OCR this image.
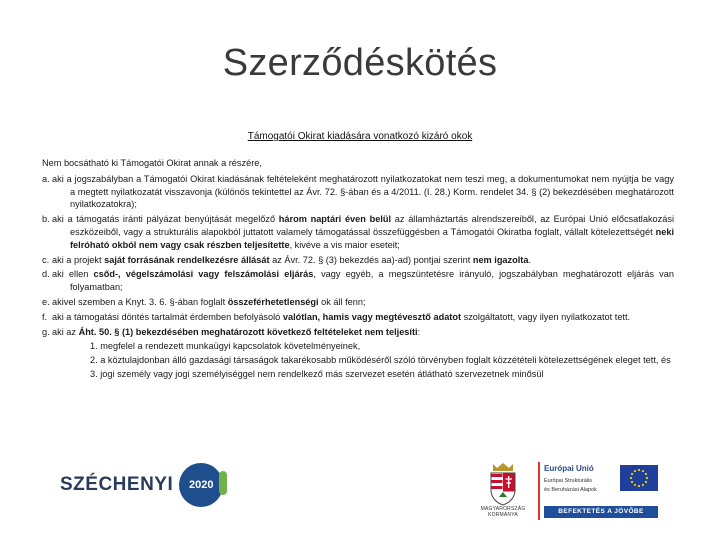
Szerződéskötés
Támogatói Okirat kiadására vonatkozó kizáró okok

Nem bocsátható ki Támogatói Okirat annak a részére,

a. aki a jogszabályban a Támogatói Okirat kiadásának feltételeként meghatározott nyilatkozatokat nem teszi meg, a dokumentumokat nem nyújtja be vagy a megtett nyilatkozatát visszavonja (különös tekintettel az Ávr. 72. §-ában és a 4/2011. (I. 28.) Korm. rendelet 34. § (2) bekezdésében meghatározott nyilatkozatokra);
b. aki a támogatás iránti pályázat benyújtását megelőző három naptári éven belül az államháztartás alrendszereiből, az Európai Unió előcsatlakozási eszközeiből, vagy a strukturális alapokból juttatott valamely támogatással összefüggésben a Támogatói Okiratba foglalt, vállalt kötelezettségét neki felróható okból nem vagy csak részben teljesítette, kivéve a vis maior eseteit;
c. aki a projekt saját forrásának rendelkezésre állását az Ávr. 72. § (3) bekezdés aa)-ad) pontjai szerint nem igazolta.
d. aki ellen csőd-, végelszámolási vagy felszámolási eljárás, vagy egyéb, a megszüntetésre irányuló, jogszabályban meghatározott eljárás van folyamatban;
e. akivel szemben a Knyt. 3. 6. §-ában foglalt összeférhetetlenségi ok áll fenn;
f. aki a támogatási döntés tartalmát érdemben befolyásoló valótlan, hamis vagy megtévesztő adatot szolgáltatott, vagy ilyen nyilatkozatot tett.
g. aki az Áht. 50. § (1) bekezdésében meghatározott következő feltételeket nem teljesíti:
1. megfelel a rendezett munkaügyi kapcsolatok követelményeinek,
2. a köztulajdonban álló gazdasági társaságok takarékosabb működéséről szóló törvényben foglalt közzétételi kötelezettségének eleget tett, és
3. jogi személy vagy jogi személyiséggel nem rendelkező más szervezet esetén átlátható szervezetnek minősül
SZÉCHENYI	2020
MAGYARORSZÁG
KORMÁNYA
Európai Unió
Európai Strukturális
és Beruházási Alapok
BEFEKTETÉS A JÖVŐBE
